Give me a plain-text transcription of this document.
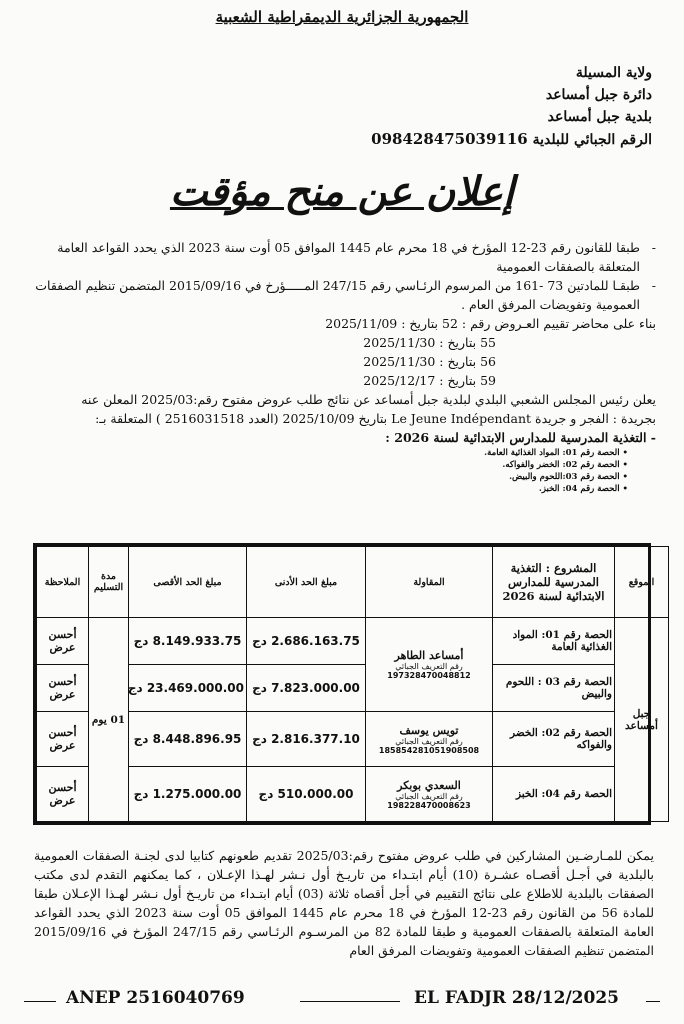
الجمهورية الجزائرية الديمقراطية الشعبية
ولاية المسيلة
دائرة جبل أمساعد
بلدية جبل أمساعد
الرقم الجبائي للبلدية 098428475039116
إعلان عن منح مؤقت
- طبقا للقانون رقم 23-12 المؤرخ في 18 محرم عام 1445 الموافق 05 أوت سنة 2023 الذي يحدد القواعد العامة المتعلقة بالصفقات العمومية
- طبقـا للمادتين 73 -161 من المرسوم الرئـاسي رقم 247/15 المـــــؤرخ في 2015/09/16 المتضمن تنظيم الصفقات العمومية وتفويضات المرفق العام .
بناء على محاضر تقييم العـروض رقم : 52 بتاريخ : 2025/11/09
55 بتاريخ : 2025/11/30
56 بتاريخ : 2025/11/30
59 بتاريخ : 2025/12/17
يعلن رئيس المجلس الشعبي البلدي لبلدية جبل أمساعد عن نتائج طلب عروض مفتوح رقم:2025/03 المعلن عنه
بجريدة : الفجر و جريدة Le Jeune Indépendant بتاريخ 2025/10/09 (العدد 2516031518 ) المتعلقة بـ:
- التغذية المدرسية للمدارس الابتدائية لسنة 2026 :
• الحصة رقم 01: المواد الغذائية العامة.
• الحصة رقم 02: الخضر والفواكه.
• الحصة رقم 03:اللحوم والبيض.
• الحصة رقم 04: الخبز.
الموقع	المشروع : التغذية المدرسية للمدارس الابتدائية لسنة 2026	المقاولة	مبلغ الحد الأدنى	مبلغ الحد الأقصى	مدة التسليم	الملاحظة
جبل أمساعد	الحصة رقم 01: المواد الغذائية العامة	أمساعد الطاهر
رقم التعريف الجبائي
197328470048812	2.686.163.75 دج	8.149.933.75 دج	01 يوم	أحسن عرض
	الحصة رقم 03 : اللحوم والبيض		7.823.000.00 دج	23.469.000.00 دج		أحسن عرض
	الحصة رقم 02: الخضر والفواكه	تويس يوسف
رقم التعريف الجبائي
185854281051908508	2.816.377.10 دج	8.448.896.95 دج		أحسن عرض
	الحصة رقم 04: الخبز	السعدي بوبكر
رقم التعريف الجبائي
198228470008623	510.000.00 دج	1.275.000.00 دج		أحسن عرض
يمكن للمـارضـين المشاركين في طلب عروض مفتوح رقم:2025/03 تقديم طعونهم كتابيا لدى لجنـة الصفقات العمومية بالبلدية في أجـل أقصـاه عشـرة (10) أيام ابتـداء من تاريـخ أول نـشر لهـذا الإعـلان ، كما يمكنهم التقدم لدى مكتب الصفقات بالبلدية للاطلاع على نتائج التقييم في أجل أقصاه ثلاثة (03) أيام ابتـداء من تاريـخ أول نـشر لهـذا الإعـلان طبقا للمادة 56 من القانون رقم 23-12 المؤرخ في 18 محرم عام 1445 الموافق 05 أوت سنة 2023 الذي يحدد القواعد العامة المتعلقة بالصفقات العمومية و طبقا للمادة 82 من المرسـوم الرئـاسي رقم 247/15 المؤرخ في 2015/09/16 المتضمن تنظيم الصفقات العمومية وتفويضات المرفق العام
ANEP 2516040769	EL FADJR 28/12/2025
